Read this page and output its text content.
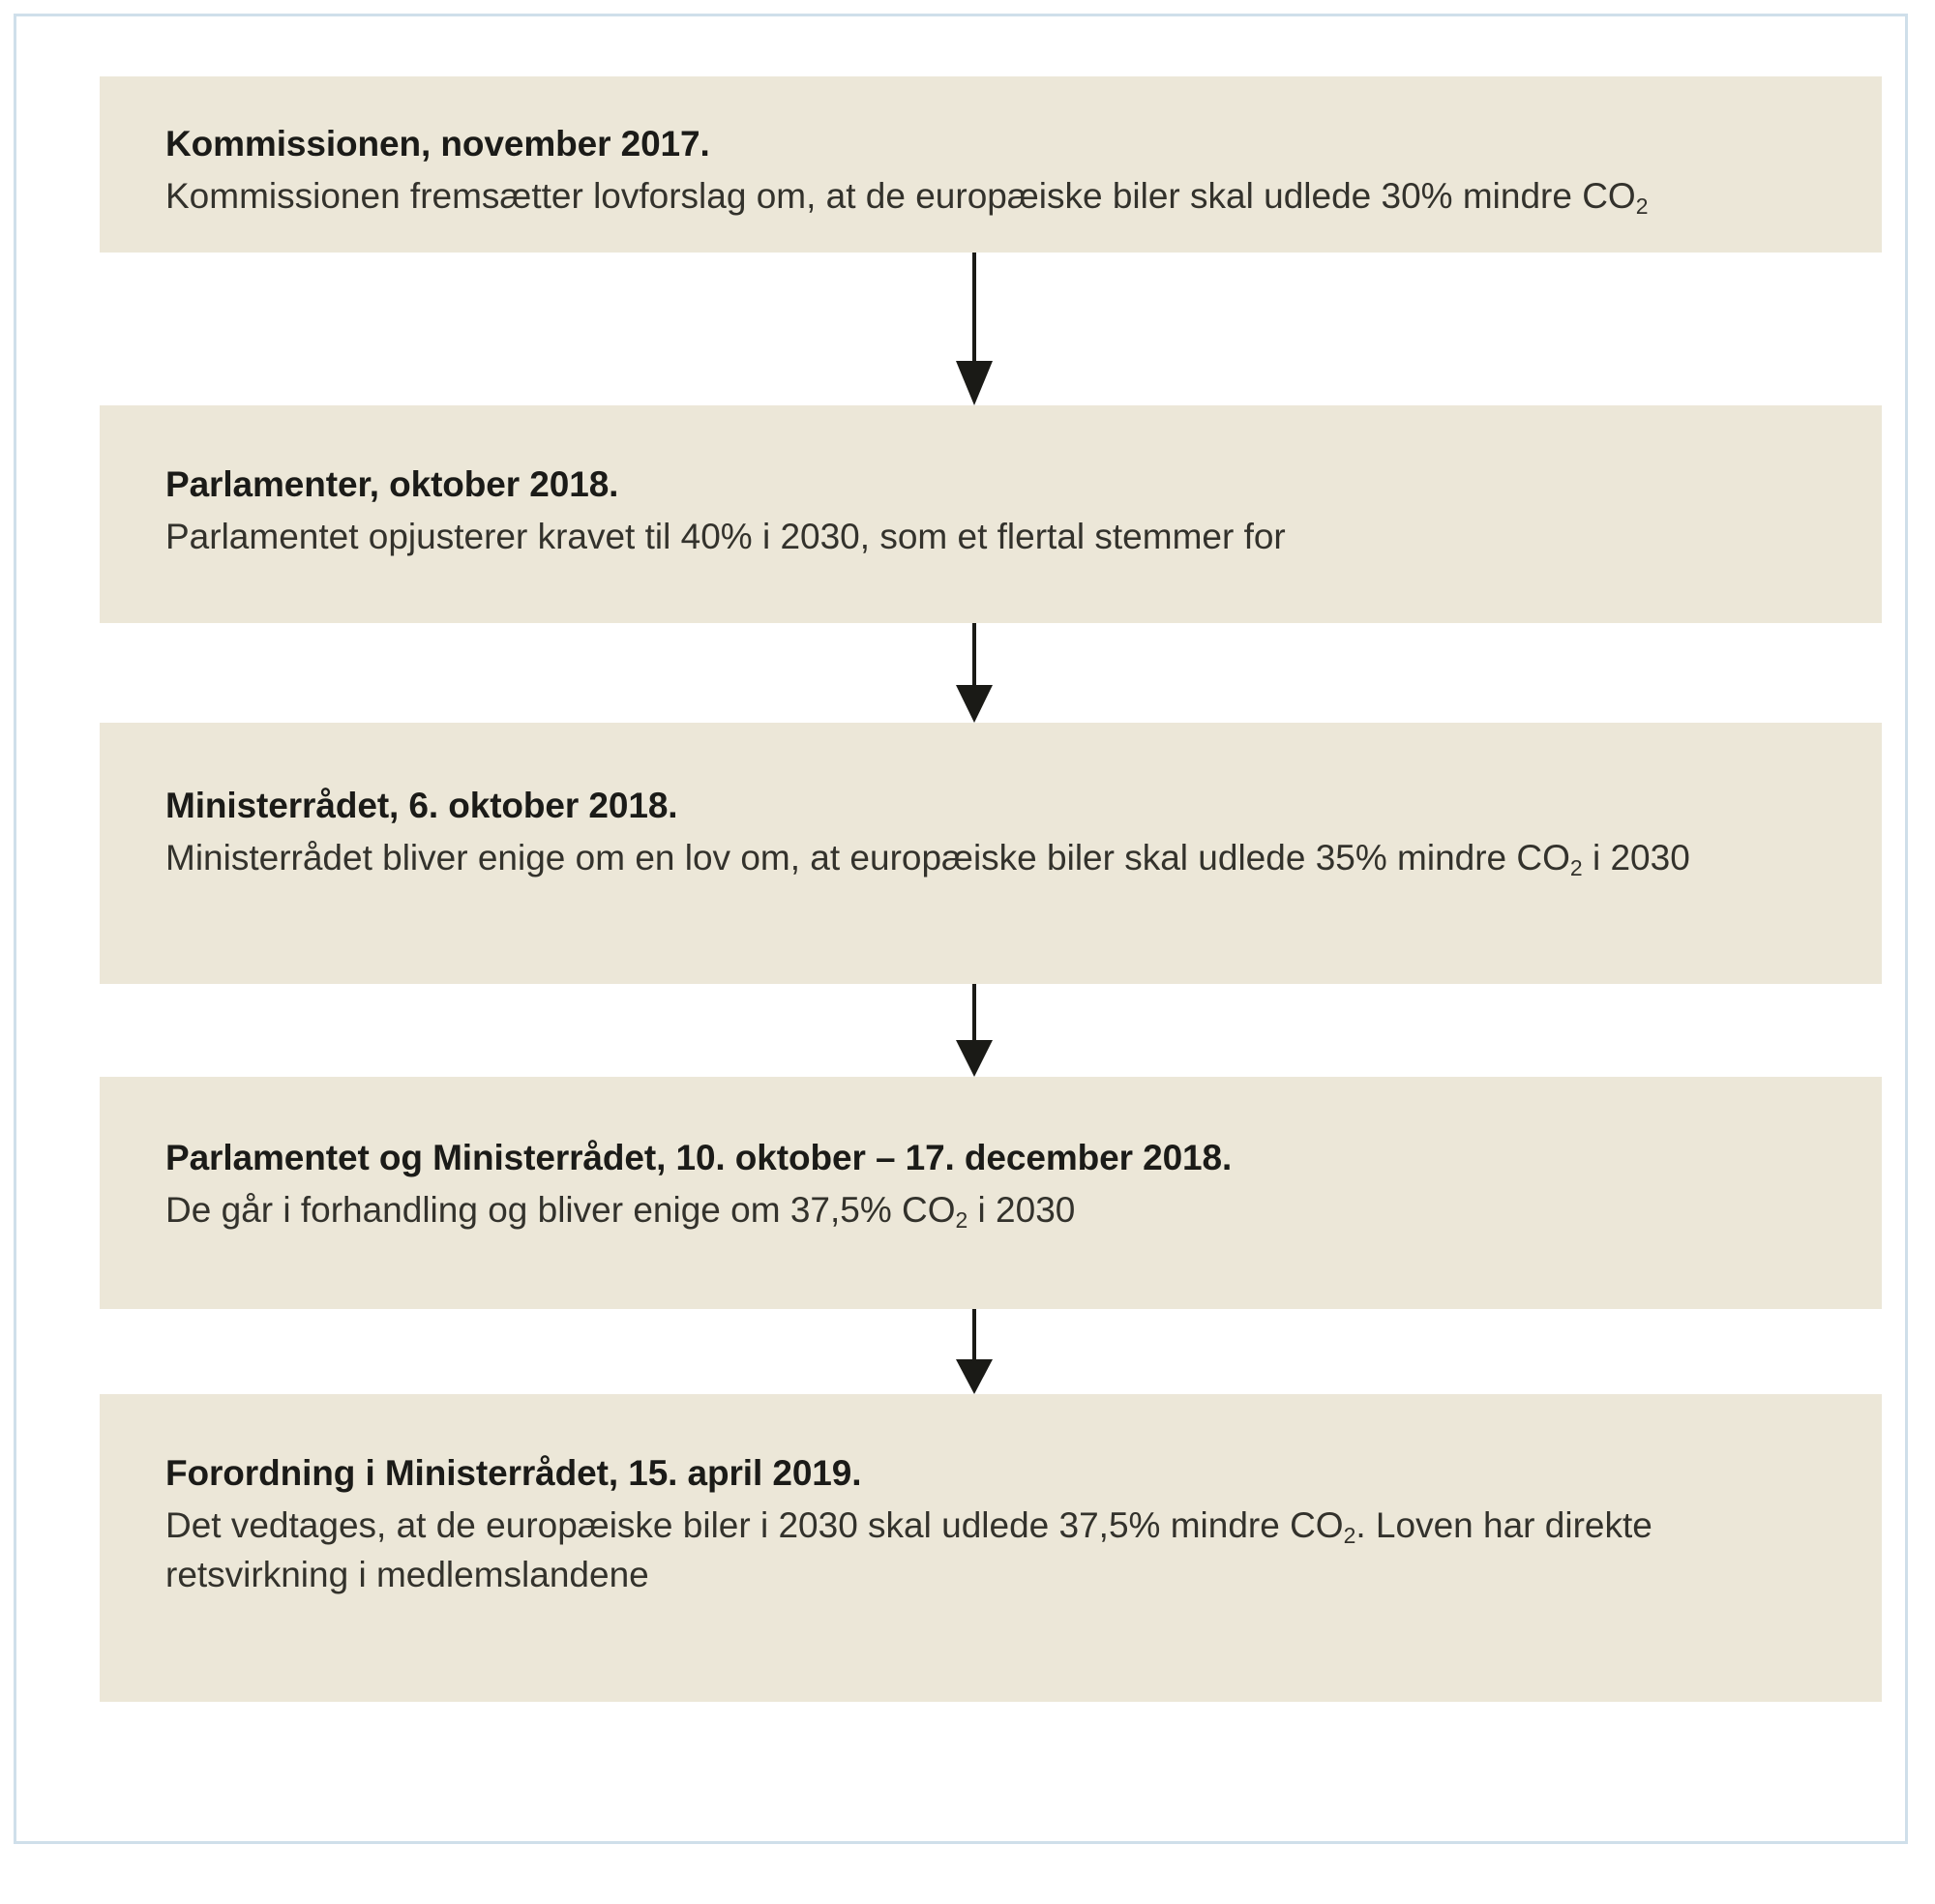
Kommissionen, november 2017.
Kommissionen fremsætter lovforslag om, at de europæiske biler skal udlede 30% mindre $CO_2$
Parlamenter, oktober 2018.
Parlamentet opjusterer kravet til 40% i 2030, som et flertal stemmer for
Ministerrådet, 6. oktober 2018.
Ministerrådet bliver enige om en lov om, at europæiske biler skal udlede 35% mindre $CO_2$ i 2030
Parlamentet og Ministerrådet, 10. oktober – 17. december 2018.
De går i forhandling og bliver enige om 37,5% $CO_2$ i 2030
Forordning i Ministerrådet, 15. april 2019.
Det vedtages, at de europæiske biler i 2030 skal udlede 37,5% mindre $CO_2$. Loven har direkte retsvirkning i medlemslandene
